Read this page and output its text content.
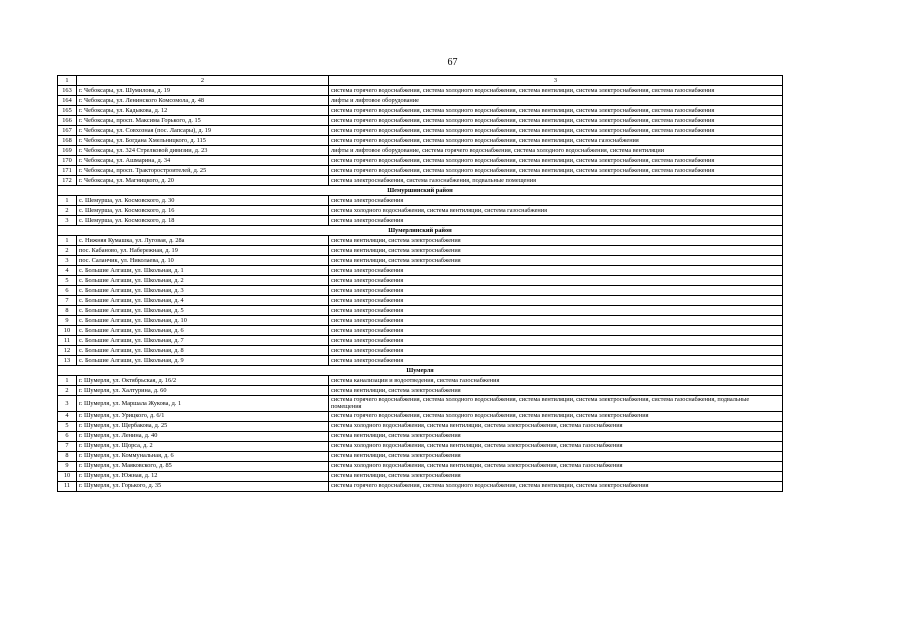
67
1	2	3
163	г. Чебоксары, ул. Шумилова, д. 19	система горячего водоснабжения, система холодного водоснабжения, система вентиляции, система электроснабжения, система газоснабжения
164	г. Чебоксары, ул. Ленинского Комсомола, д. 48	лифты и лифтовое оборудование
165	г. Чебоксары, ул. Кадыкова, д. 12	система горячего водоснабжения, система холодного водоснабжения, система вентиляции, система электроснабжения, система газоснабжения
166	г. Чебоксары, просп. Максима Горького, д. 15	система горячего водоснабжения, система холодного водоснабжения, система вентиляции, система электроснабжения, система газоснабжения
167	г. Чебоксары, ул. Совхозная (пос. Лапсары), д. 19	система горячего водоснабжения, система холодного водоснабжения, система вентиляции, система электроснабжения, система газоснабжения
168	г. Чебоксары, ул. Богдана Хмельницкого, д. 115	система горячего водоснабжения, система холодного водоснабжения, система вентиляции, система газоснабжения
169	г. Чебоксары, ул. 324 Стрелковой дивизии, д. 23	лифты и лифтовое оборудование, система горячего водоснабжения, система холодного водоснабжения, система вентиляции
170	г. Чебоксары, ул. Ашмарина, д. 34	система горячего водоснабжения, система холодного водоснабжения, система вентиляции, система электроснабжения, система газоснабжения
171	г. Чебоксары, просп. Тракторостроителей, д. 25	система горячего водоснабжения, система холодного водоснабжения, система вентиляции, система электроснабжения, система газоснабжения
172	г. Чебоксары, ул. Магницкого, д. 20	система электроснабжения, система газоснабжения, подвальные помещения
Шемуршинский район		
1	с. Шемурша, ул. Космовского, д. 30	система электроснабжения
2	с. Шемурша, ул. Космовского, д. 16	система холодного водоснабжения, система вентиляции, система газоснабжения
3	с. Шемурша, ул. Космовского, д. 18	система электроснабжения
Шумерлинский район		
1	с. Нижняя Кумашка, ул. Луговая, д. 28а	система вентиляции, система электроснабжения
2	пос. Кабаново, ул. Набережная, д. 19	система вентиляции, система электроснабжения
3	пос. Саланчик, ул. Николаева, д. 10	система вентиляции, система электроснабжения
4	с. Большие Алгаши, ул. Школьная, д. 1	система электроснабжения
5	с. Большие Алгаши, ул. Школьная, д. 2	система электроснабжения
6	с. Большие Алгаши, ул. Школьная, д. 3	система электроснабжения
7	с. Большие Алгаши, ул. Школьная, д. 4	система электроснабжения
8	с. Большие Алгаши, ул. Школьная, д. 5	система электроснабжения
9	с. Большие Алгаши, ул. Школьная, д. 10	система электроснабжения
10	с. Большие Алгаши, ул. Школьная, д. 6	система электроснабжения
11	с. Большие Алгаши, ул. Школьная, д. 7	система электроснабжения
12	с. Большие Алгаши, ул. Школьная, д. 8	система электроснабжения
13	с. Большие Алгаши, ул. Школьная, д. 9	система электроснабжения
Шумерля		
1	г. Шумерля, ул. Октябрьская, д. 16/2	система канализации и водоотведения, система газоснабжения
2	г. Шумерля, ул. Халтурина, д. 60	система вентиляции, система электроснабжения
3	г. Шумерля, ул. Маршала Жукова, д. 1	система горячего водоснабжения, система холодного водоснабжения, система вентиляции, система электроснабжения, система газоснабжения, подвальные помещения
4	г. Шумерля, ул. Урицкого, д. 6/1	система горячего водоснабжения, система холодного водоснабжения, система вентиляции, система электроснабжения
5	г. Шумерля, ул. Щербакова, д. 25	система холодного водоснабжения, система вентиляции, система электроснабжения, система газоснабжения
6	г. Шумерля, ул. Ленина, д. 40	система вентиляции, система электроснабжения
7	г. Шумерля, ул. Щорса, д. 2	система холодного водоснабжения, система вентиляции, система электроснабжения, система газоснабжения
8	г. Шумерля, ул. Коммунальная, д. 6	система вентиляции, система электроснабжения
9	г. Шумерля, ул. Маяковского, д. 85	система холодного водоснабжения, система вентиляции, система электроснабжения, система газоснабжения
10	г. Шумерля, ул. Южная, д. 12	система вентиляции, система электроснабжения
11	г. Шумерля, ул. Горького, д. 35	система горячего водоснабжения, система холодного водоснабжения, система вентиляции, система электроснабжения
